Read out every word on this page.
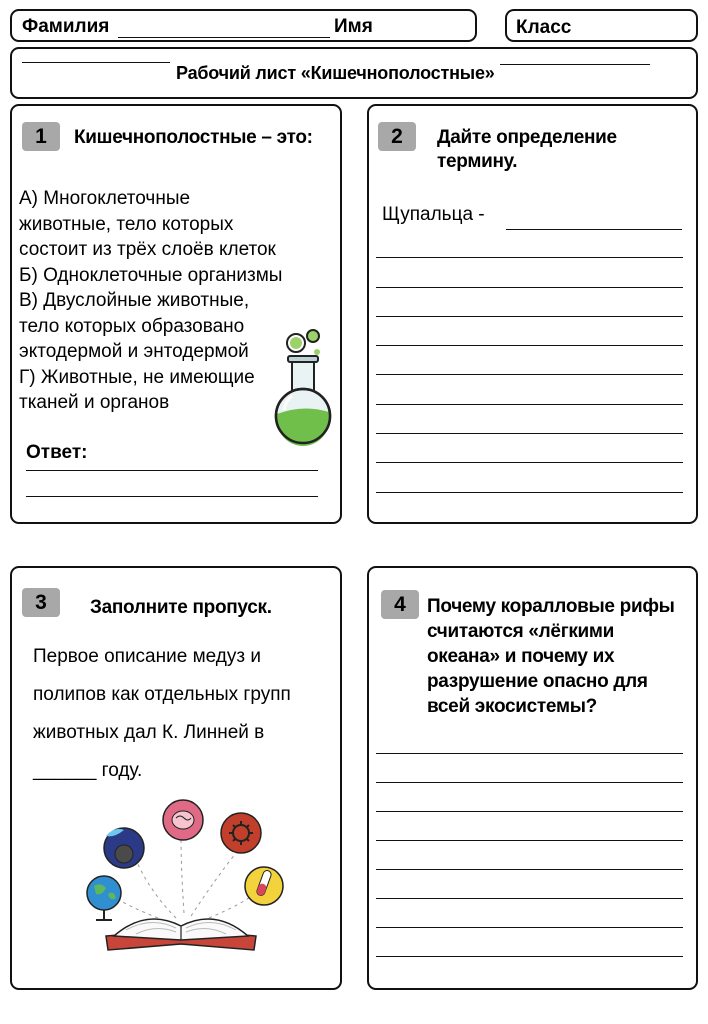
Фамилия	Имя	Класс
Рабочий лист «Кишечнополостные»
1	Кишечнополостные – это:
А) Многоклеточные
животные, тело которых
состоит из трёх слоёв клеток
Б) Одноклеточные организмы
В) Двуслойные животные,
тело которых образовано
эктодермой и энтодермой
Г) Животные, не имеющие
тканей и органов
Ответ:
2	Дайте определение
термину.
Щупальца -
3	Заполните пропуск.
Первое описание медуз и
полипов как отдельных групп
животных дал К. Линней в
______ году.
4	Почему коралловые рифы
считаются «лёгкими
океана» и почему их
разрушение опасно для
всей экосистемы?
